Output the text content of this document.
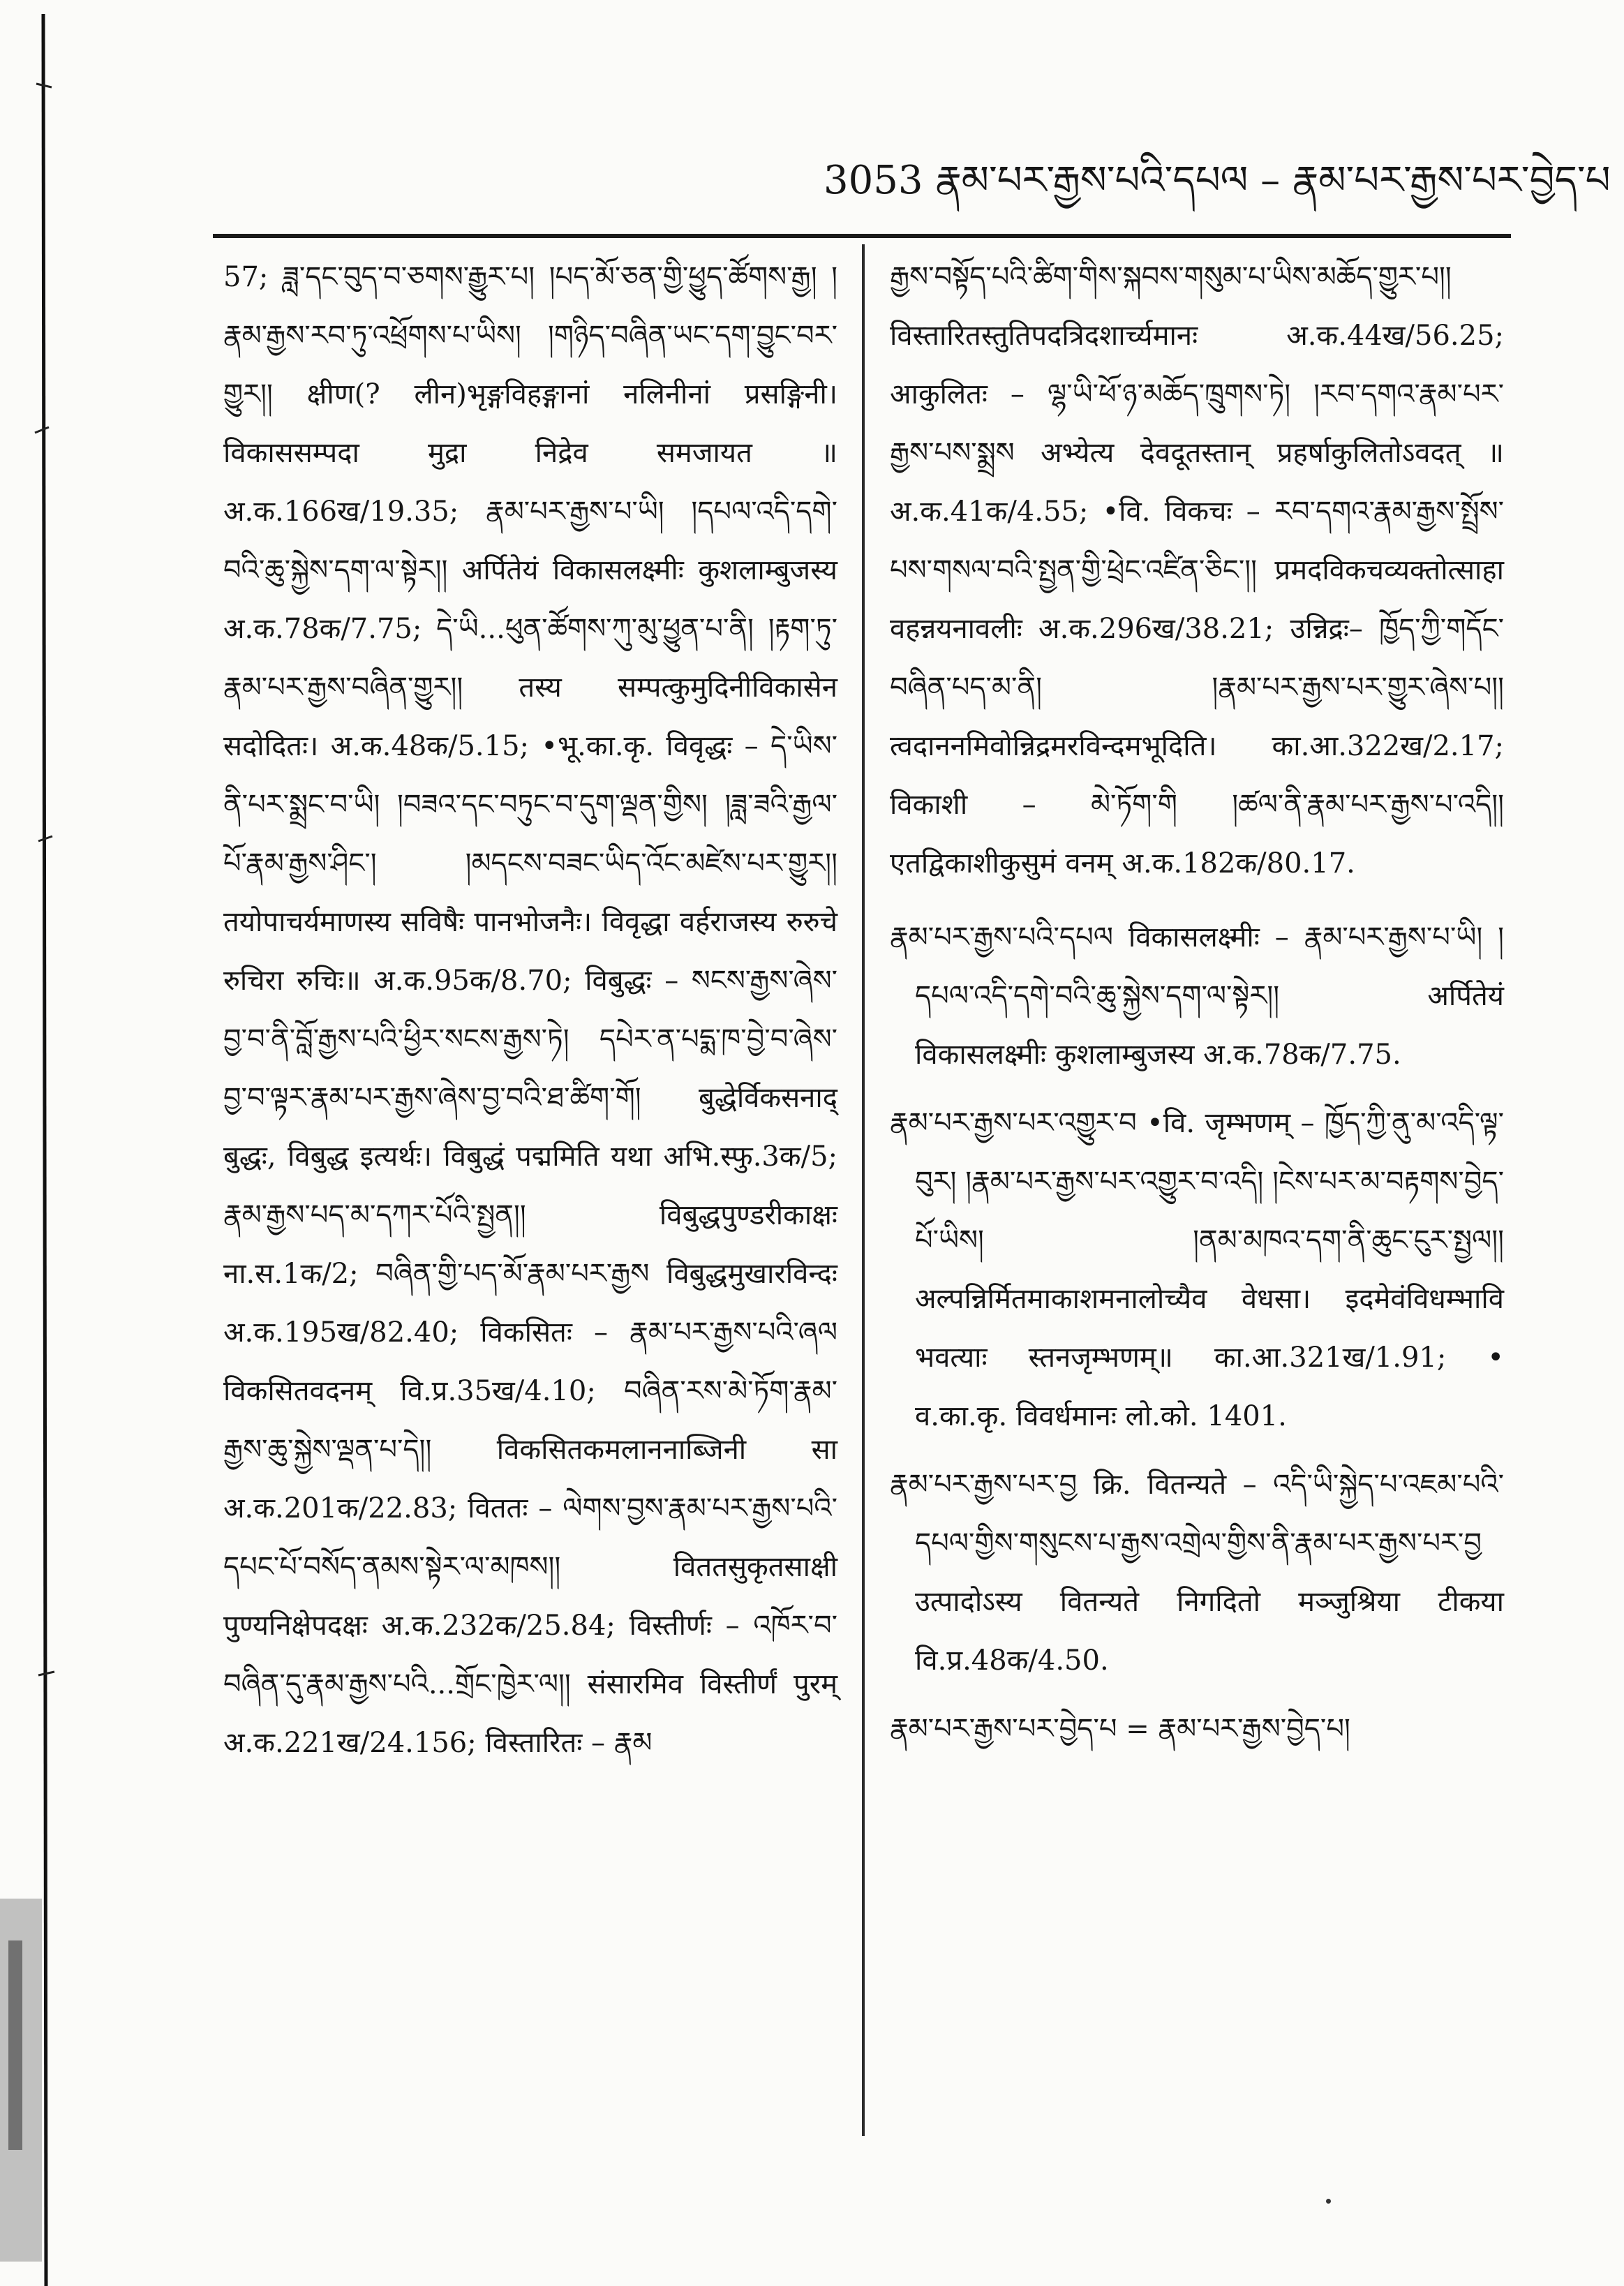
3053 རྣམ་པར་རྒྱས་པའི་དཔལ – རྣམ་པར་རྒྱས་པར་བྱེད་པ

57; ཟླ་དང་བུད་བ་ཅགས་རྒྱུར་པ། །པད་མོ་ཅན་གྱི་ཕྱུད་ཚོགས་རྒྱ། །རྣམ་རྒྱས་རབ་ཏུ་འཕྲོགས་པ་ཡིས། །གཉིད་བཞིན་ཡང་དག་བྱུང་བར་གྱུར།། क्षीण(? लीन)भृङ्गविहङ्गानां नलिनीनां प्रसङ्गिनी। विकाससम्पदा मुद्रा निद्रेव समजायत ॥ अ.क.166ख/19.35; རྣམ་པར་རྒྱས་པ་ཡི། །དཔལ་འདི་དགེ་བའི་ཆུ་སྐྱེས་དག་ལ་སྟེར།། अर्पितेयं विकासलक्ष्मीः कुशलाम्बुजस्य अ.क.78क/7.75; དེ་ཡི...ཕུན་ཚོགས་ཀུ་མུ་ཕྱུན་པ་ནི། །རྟག་ཏུ་རྣམ་པར་རྒྱས་བཞིན་གྱུར།། तस्य सम्पत्कुमुदिनीविकासेन सदोदितः। अ.क.48क/5.15; •भू.का.कृ. विवृद्धः – དེ་ཡིས་ནི་པར་སྨྲང་བ་ཡི། །བཟའ་དང་བཏུང་བ་དུག་ལྡན་གྱིས། །ཟླ་ཟའི་རྒྱལ་པོ་རྣམ་རྒྱས་ཤིང་། །མདངས་བཟང་ཡིད་འོང་མཛེས་པར་གྱུར།། तयोपाचर्यमाणस्य सविषैः पानभोजनैः। विवृद्धा वर्हराजस्य रुरुचे रुचिरा रुचिः॥ अ.क.95क/8.70; विबुद्धः – སངས་རྒྱས་ཞེས་བྱ་བ་ནི་བློ་རྒྱས་པའི་ཕྱིར་སངས་རྒྱས་ཏེ། དཔེར་ན་པདྨ་ཁ་བྱེ་བ་ཞེས་བྱ་བ་ལྟར་རྣམ་པར་རྒྱས་ཞེས་བྱ་བའི་ཐ་ཚིག་གོ། बुद्धेर्विकसनाद् बुद्धः, विबुद्ध इत्यर्थः। विबुद्धं पद्ममिति यथा अभि.स्फु.3क/5; རྣམ་རྒྱས་པད་མ་དཀར་པོའི་སྤྱན།། विबुद्धपुण्डरीकाक्षः ना.स.1क/2; བཞིན་གྱི་པད་མོ་རྣམ་པར་རྒྱས विबुद्धमुखारविन्दः अ.क.195ख/82.40; विकसितः – རྣམ་པར་རྒྱས་པའི་ཞལ विकसितवदनम् वि.प्र.35ख/4.10; བཞིན་རས་མེ་ཏོག་རྣམ་རྒྱས་ཆུ་སྐྱེས་ལྡན་པ་དེ།། विकसितकमलाननाब्जिनी सा अ.क.201क/22.83; विततः – ལེགས་བྱས་རྣམ་པར་རྒྱས་པའི་དཔང་པོ་བསོད་ནམས་སྟེར་ལ་མཁས།། विततसुकृतसाक्षी पुण्यनिक्षेपदक्षः अ.क.232क/25.84; विस्तीर्णः – འཁོར་བ་བཞིན་དུ་རྣམ་རྒྱས་པའི...གྲོང་ཁྱེར་ལ།། संसारमिव विस्तीर्णं पुरम् अ.क.221ख/24.156; विस्तारितः – རྣམ

རྒྱས་བསྟོད་པའི་ཚིག་གིས་སྐབས་གསུམ་པ་ཡིས་མཆོད་གྱུར་པ།། विस्तारितस्तुतिपदत्रिदशार्च्यमानः अ.क.44ख/56.25; आकुलितः – ལྷ་ཡི་ཕོ་ཉ་མཆོད་ཁྲུགས་ཏེ། །རབ་དགའ་རྣམ་པར་རྒྱས་པས་སྨྲས अभ्येत्य देवदूतस्तान् प्रहर्षाकुलितोऽवदत् ॥ अ.क.41क/4.55; •वि. विकचः – རབ་དགའ་རྣམ་རྒྱས་སྤྲོས་པས་གསལ་བའི་སྤྱན་གྱི་ཕྲེང་འཛིན་ཅིང་།། प्रमदविकचव्यक्तोत्साहा वहन्नयनावलीः अ.क.296ख/38.21; उन्निद्रः– ཁྱོད་ཀྱི་གདོང་བཞིན་པད་མ་ནི། །རྣམ་པར་རྒྱས་པར་གྱུར་ཞེས་པ།། त्वदाननमिवोन्निद्रमरविन्दमभूदिति। का.आ.322ख/2.17; विकाशी – མེ་ཏོག་གི །ཚལ་ནི་རྣམ་པར་རྒྱས་པ་འདི།། एतद्विकाशीकुसुमं वनम् अ.क.182क/80.17.

རྣམ་པར་རྒྱས་པའི་དཔལ विकासलक्ष्मीः – རྣམ་པར་རྒྱས་པ་ཡི། །དཔལ་འདི་དགེ་བའི་ཆུ་སྐྱེས་དག་ལ་སྟེར།། अर्पितेयं विकासलक्ष्मीः कुशलाम्बुजस्य अ.क.78क/7.75.

རྣམ་པར་རྒྱས་པར་འགྱུར་བ •वि. जृम्भणम् – ཁྱོད་ཀྱི་ནུ་མ་འདི་ལྟ་བུར། །རྣམ་པར་རྒྱས་པར་འགྱུར་བ་འདི། །ངེས་པར་མ་བརྟགས་བྱེད་པོ་ཡིས། །ནམ་མཁའ་དག་ནི་ཆུང་ངུར་སྤྱལ།། अल्पन्निर्मितमाकाशमनालोच्यैव वेधसा। इदमेवंविधम्भावि भवत्याः स्तनजृम्भणम्॥ का.आ.321ख/1.91; • व.का.कृ. विवर्धमानः लो.को. 1401.

རྣམ་པར་རྒྱས་པར་བྱ क्रि. वितन्यते – འདི་ཡི་སྐྱེད་པ་འཇམ་པའི་དཔལ་གྱིས་གསུངས་པ་རྒྱས་འགྲེལ་གྱིས་ནི་རྣམ་པར་རྒྱས་པར་བྱ उत्पादोऽस्य वितन्यते निगदितो मञ्जुश्रिया टीकया वि.प्र.48क/4.50.

རྣམ་པར་རྒྱས་པར་བྱེད་པ = རྣམ་པར་རྒྱས་བྱེད་པ།
